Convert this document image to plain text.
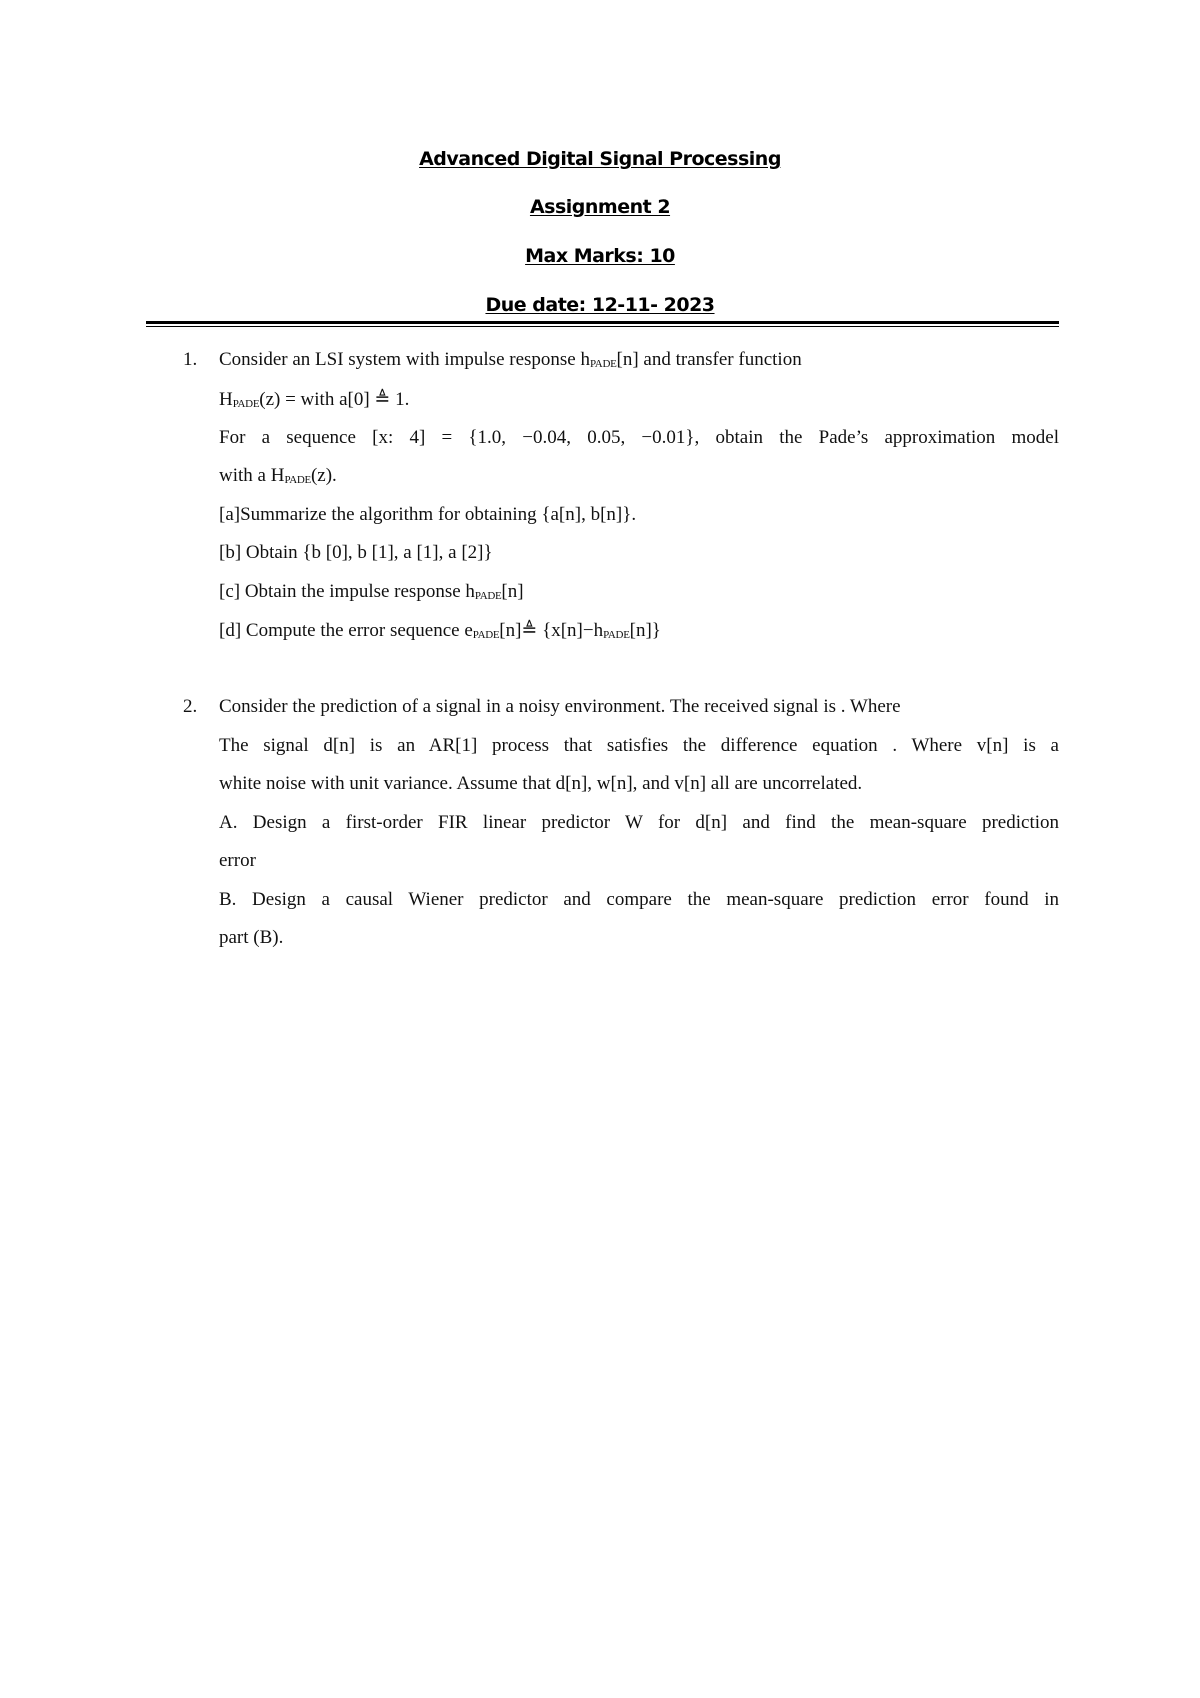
Advanced Digital Signal Processing
Assignment 2
Max Marks: 10
Due date: 12-11- 2023
1. Consider an LSI system with impulse response $h_{PADE}[n]$ and transfer function
$H_{PADE}(z)$ = with a[0] ≜ 1.
For a sequence [x: 4] = {1.0, −0.04, 0.05, −0.01}, obtain the Pade’s approximation model
with a $H_{PADE}(z)$.
[a]Summarize the algorithm for obtaining {a[n], b[n]}.
[b] Obtain {b [0], b [1], a [1], a [2]}
[c] Obtain the impulse response $h_{PADE}[n]$
[d] Compute the error sequence $e_{PADE}[n]≜$ $\{x[n]-h_{PADE}[n]\}$
2. Consider the prediction of a signal in a noisy environment. The received signal is . Where
The signal d[n] is an AR[1] process that satisfies the difference equation . Where v[n] is a
white noise with unit variance. Assume that d[n], w[n], and v[n] all are uncorrelated.
A. Design a first-order FIR linear predictor W for d[n] and find the mean-square prediction
error
B. Design a causal Wiener predictor and compare the mean-square prediction error found in
part (B).
